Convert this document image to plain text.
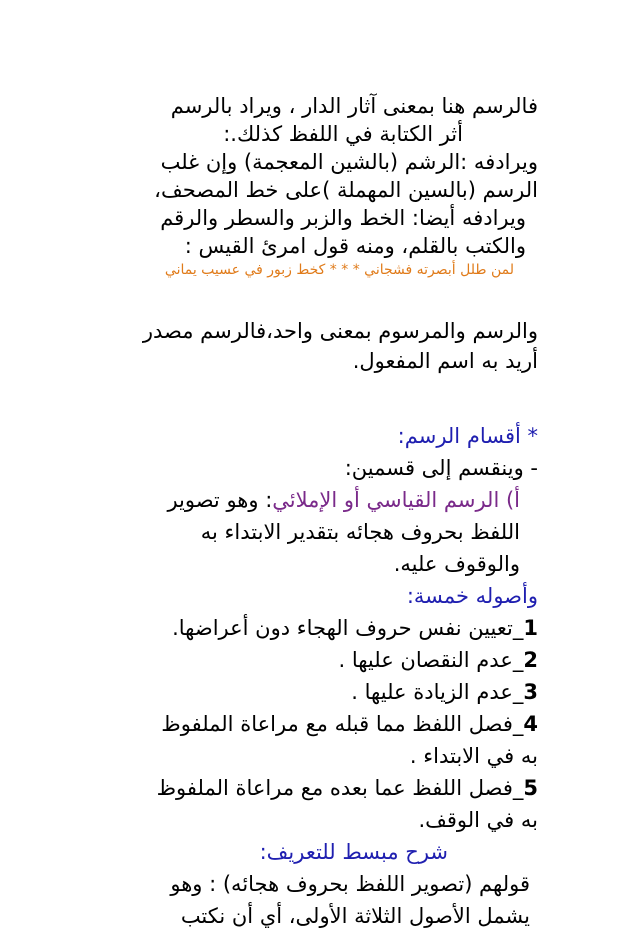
فالرسم هنا بمعنى آثار الدار ، ويراد بالرسم
أثر الكتابة في اللفظ كذلك.:
ويرادفه :الرشم (بالشين المعجمة) وإن غلب
الرسم (بالسين المهملة )على خط المصحف،
ويرادفه أيضا: الخط والزبر والسطر والرقم
والكتب بالقلم، ومنه قول امرئ القيس :
لمن طلل أبصرته فشجاني * * * كخط زبور في عسيب يماني
والرسم والمرسوم بمعنى واحد،فالرسم مصدر
أريد به اسم المفعول.
* أقسام الرسم:
- وينقسم إلى قسمين:
أ) الرسم القياسي أو الإملائي: وهو تصوير
اللفظ بحروف هجائه بتقدير الابتداء به
والوقوف عليه.
وأصوله خمسة:
1_تعيين نفس حروف الهجاء دون أعراضها.
2_عدم النقصان عليها .
3_عدم الزيادة عليها .
4_فصل اللفظ مما قبله مع مراعاة الملفوظ
به في الابتداء .
5_فصل اللفظ عما بعده مع مراعاة الملفوظ
به في الوقف.
شرح مبسط للتعريف:
قولهم (تصوير اللفظ بحروف هجائه) : وهو
يشمل الأصول الثلاثة الأولى، أي أن نكتب
